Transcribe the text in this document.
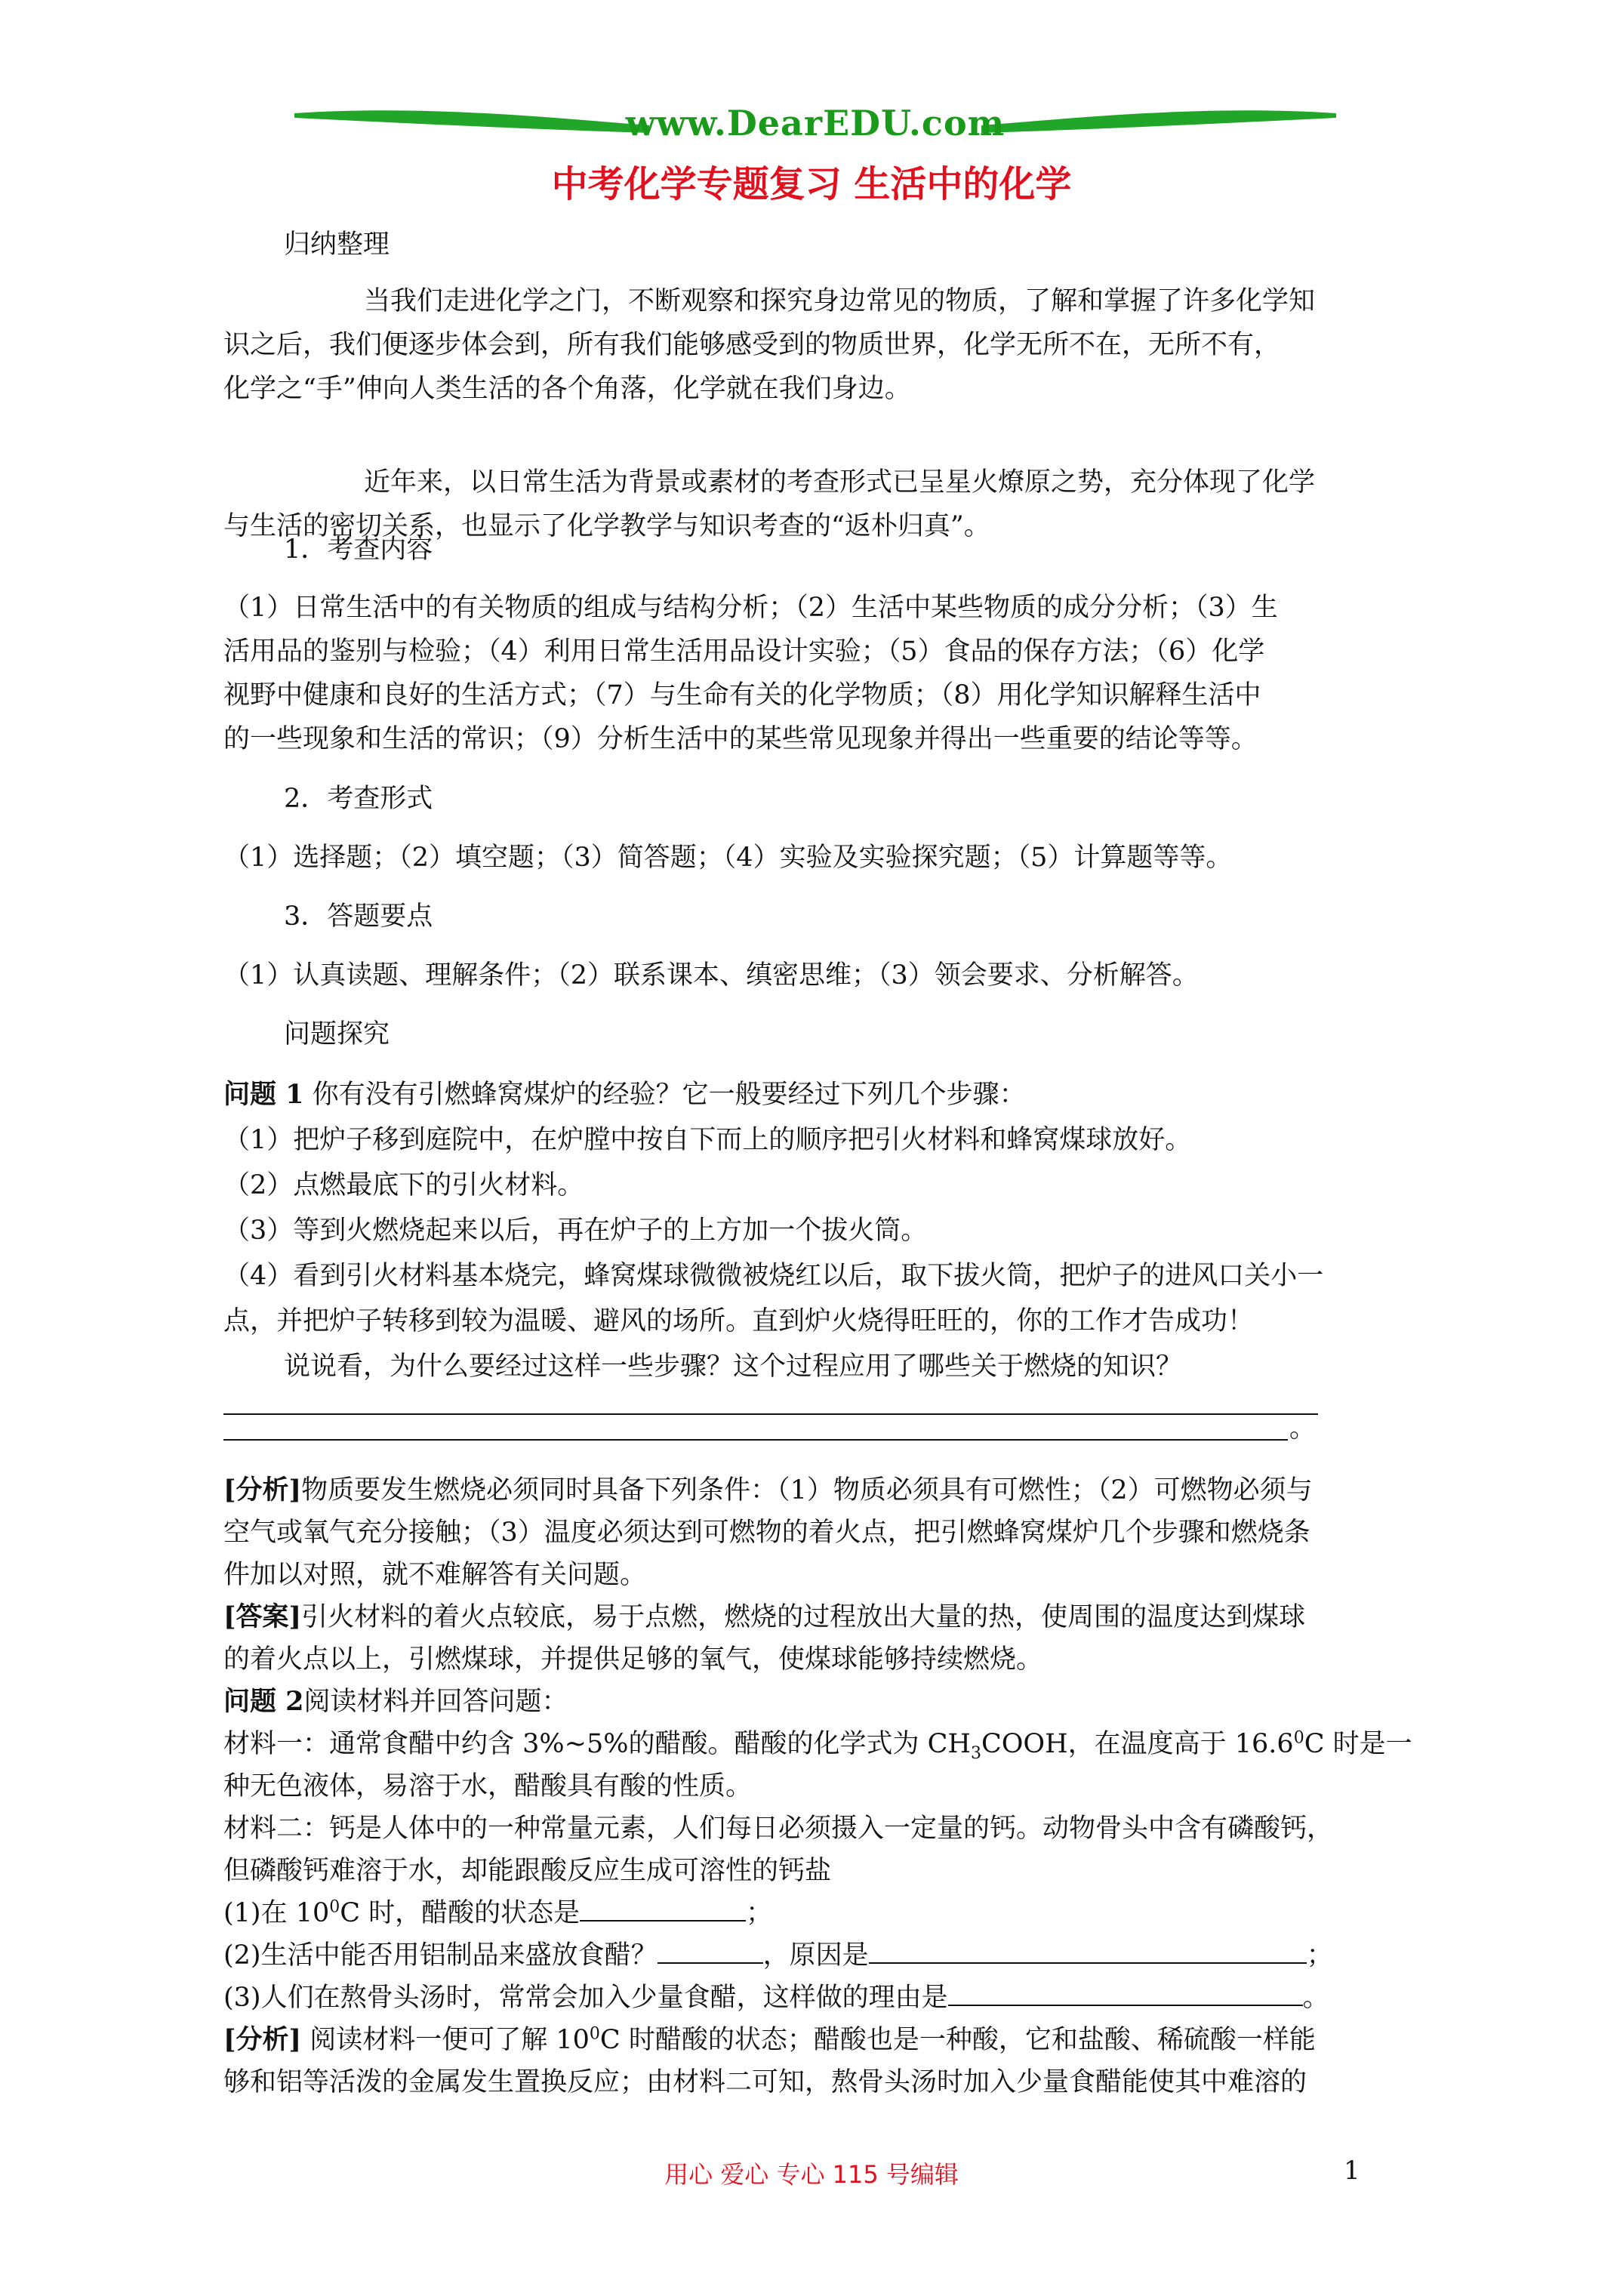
www.DearEDU.com
中考化学专题复习 生活中的化学
归纳整理
当我们走进化学之门，不断观察和探究身边常见的物质，了解和掌握了许多化学知
识之后，我们便逐步体会到，所有我们能够感受到的物质世界，化学无所不在，无所不有，
化学之“手”伸向人类生活的各个角落，化学就在我们身边。
近年来，以日常生活为背景或素材的考查形式已呈星火燎原之势，充分体现了化学
与生活的密切关系，也显示了化学教学与知识考查的“返朴归真”。
1．考查内容
（1）日常生活中的有关物质的组成与结构分析；（2）生活中某些物质的成分分析；（3）生
活用品的鉴别与检验；（4）利用日常生活用品设计实验；（5）食品的保存方法；（6）化学
视野中健康和良好的生活方式；（7）与生命有关的化学物质；（8）用化学知识解释生活中
的一些现象和生活的常识；（9）分析生活中的某些常见现象并得出一些重要的结论等等。
2．考查形式
（1）选择题；（2）填空题；（3）简答题；（4）实验及实验探究题；（5）计算题等等。
3．答题要点
（1）认真读题、理解条件；（2）联系课本、缜密思维；（3）领会要求、分析解答。
问题探究
问题 1 你有没有引燃蜂窝煤炉的经验？它一般要经过下列几个步骤：
（1）把炉子移到庭院中，在炉膛中按自下而上的顺序把引火材料和蜂窝煤球放好。
（2）点燃最底下的引火材料。
（3）等到火燃烧起来以后，再在炉子的上方加一个拔火筒。
（4）看到引火材料基本烧完，蜂窝煤球微微被烧红以后，取下拔火筒，把炉子的进风口关小一
点，并把炉子转移到较为温暖、避风的场所。直到炉火烧得旺旺的，你的工作才告成功！
说说看，为什么要经过这样一些步骤？这个过程应用了哪些关于燃烧的知识？
。
[分析]物质要发生燃烧必须同时具备下列条件：（1）物质必须具有可燃性；（2）可燃物必须与
空气或氧气充分接触；（3）温度必须达到可燃物的着火点，把引燃蜂窝煤炉几个步骤和燃烧条
件加以对照，就不难解答有关问题。
[答案]引火材料的着火点较底，易于点燃，燃烧的过程放出大量的热，使周围的温度达到煤球
的着火点以上，引燃煤球，并提供足够的氧气，使煤球能够持续燃烧。
问题 2阅读材料并回答问题：
材料一：通常食醋中约含 3%~5%的醋酸。醋酸的化学式为 $CH_3COOH$，在温度高于 16.6$^0$C 时是一
种无色液体，易溶于水，醋酸具有酸的性质。
材料二：钙是人体中的一种常量元素，人们每日必须摄入一定量的钙。动物骨头中含有磷酸钙，
但磷酸钙难溶于水，却能跟酸反应生成可溶性的钙盐
(1)在 $10^0C$ 时，醋酸的状态是	；
(2)生活中能否用铝制品来盛放食醋？	，原因是	；
(3)人们在熬骨头汤时，常常会加入少量食醋，这样做的理由是	。
[分析] 阅读材料一便可了解 $10^0C$ 时醋酸的状态；醋酸也是一种酸，它和盐酸、稀硫酸一样能
够和铝等活泼的金属发生置换反应；由材料二可知，熬骨头汤时加入少量食醋能使其中难溶的
用心 爱心 专心 115 号编辑	1
